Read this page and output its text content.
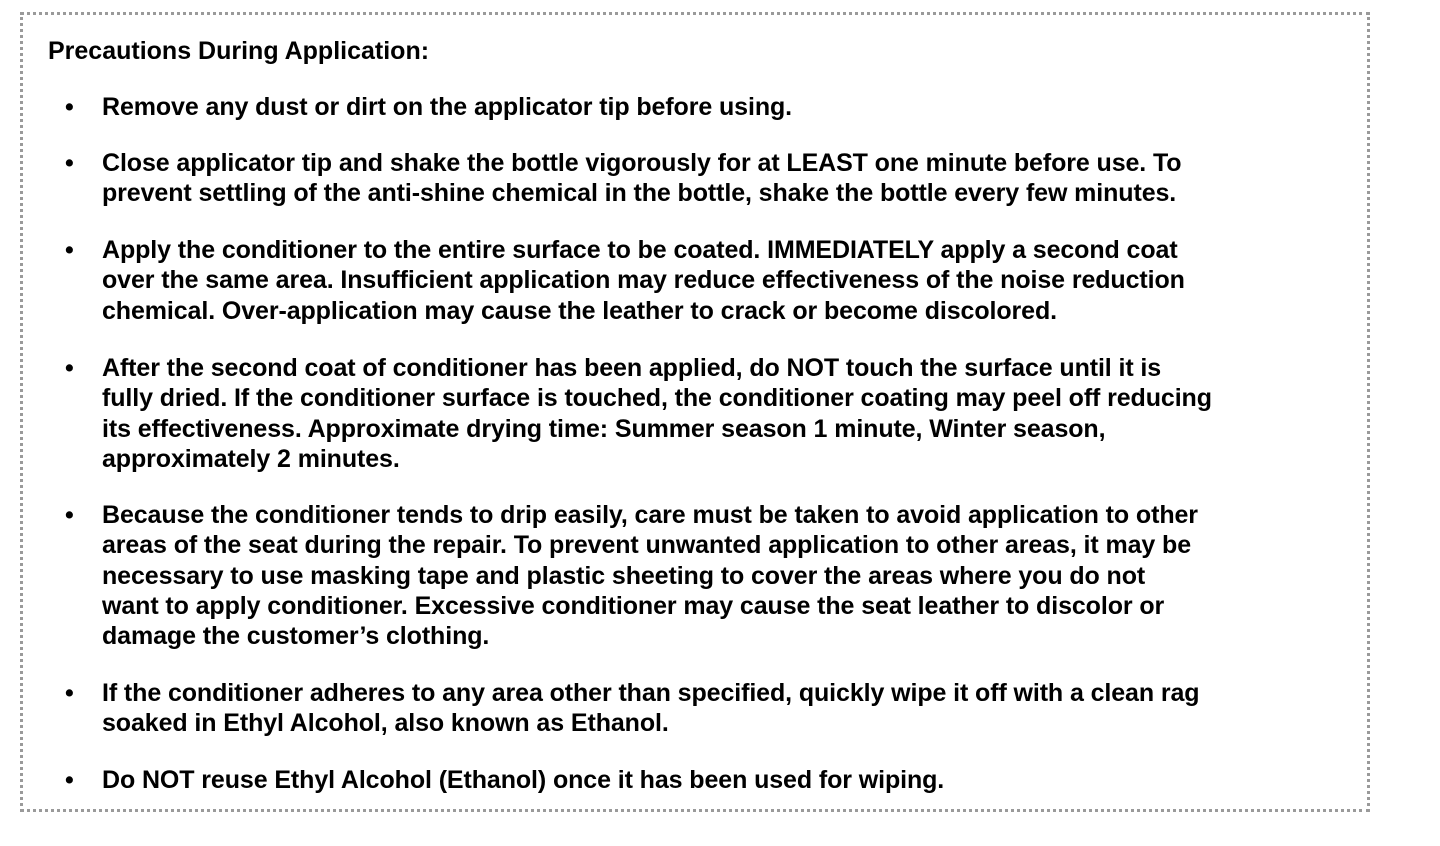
Precautions During Application:
• Remove any dust or dirt on the applicator tip before using.
• Close applicator tip and shake the bottle vigorously for at LEAST one minute before use. To
prevent settling of the anti-shine chemical in the bottle, shake the bottle every few minutes.
• Apply the conditioner to the entire surface to be coated. IMMEDIATELY apply a second coat
over the same area. Insufficient application may reduce effectiveness of the noise reduction
chemical. Over-application may cause the leather to crack or become discolored.
• After the second coat of conditioner has been applied, do NOT touch the surface until it is
fully dried. If the conditioner surface is touched, the conditioner coating may peel off reducing
its effectiveness. Approximate drying time: Summer season 1 minute, Winter season,
approximately 2 minutes.
• Because the conditioner tends to drip easily, care must be taken to avoid application to other
areas of the seat during the repair. To prevent unwanted application to other areas, it may be
necessary to use masking tape and plastic sheeting to cover the areas where you do not
want to apply conditioner. Excessive conditioner may cause the seat leather to discolor or
damage the customer’s clothing.
• If the conditioner adheres to any area other than specified, quickly wipe it off with a clean rag
soaked in Ethyl Alcohol, also known as Ethanol.
• Do NOT reuse Ethyl Alcohol (Ethanol) once it has been used for wiping.
